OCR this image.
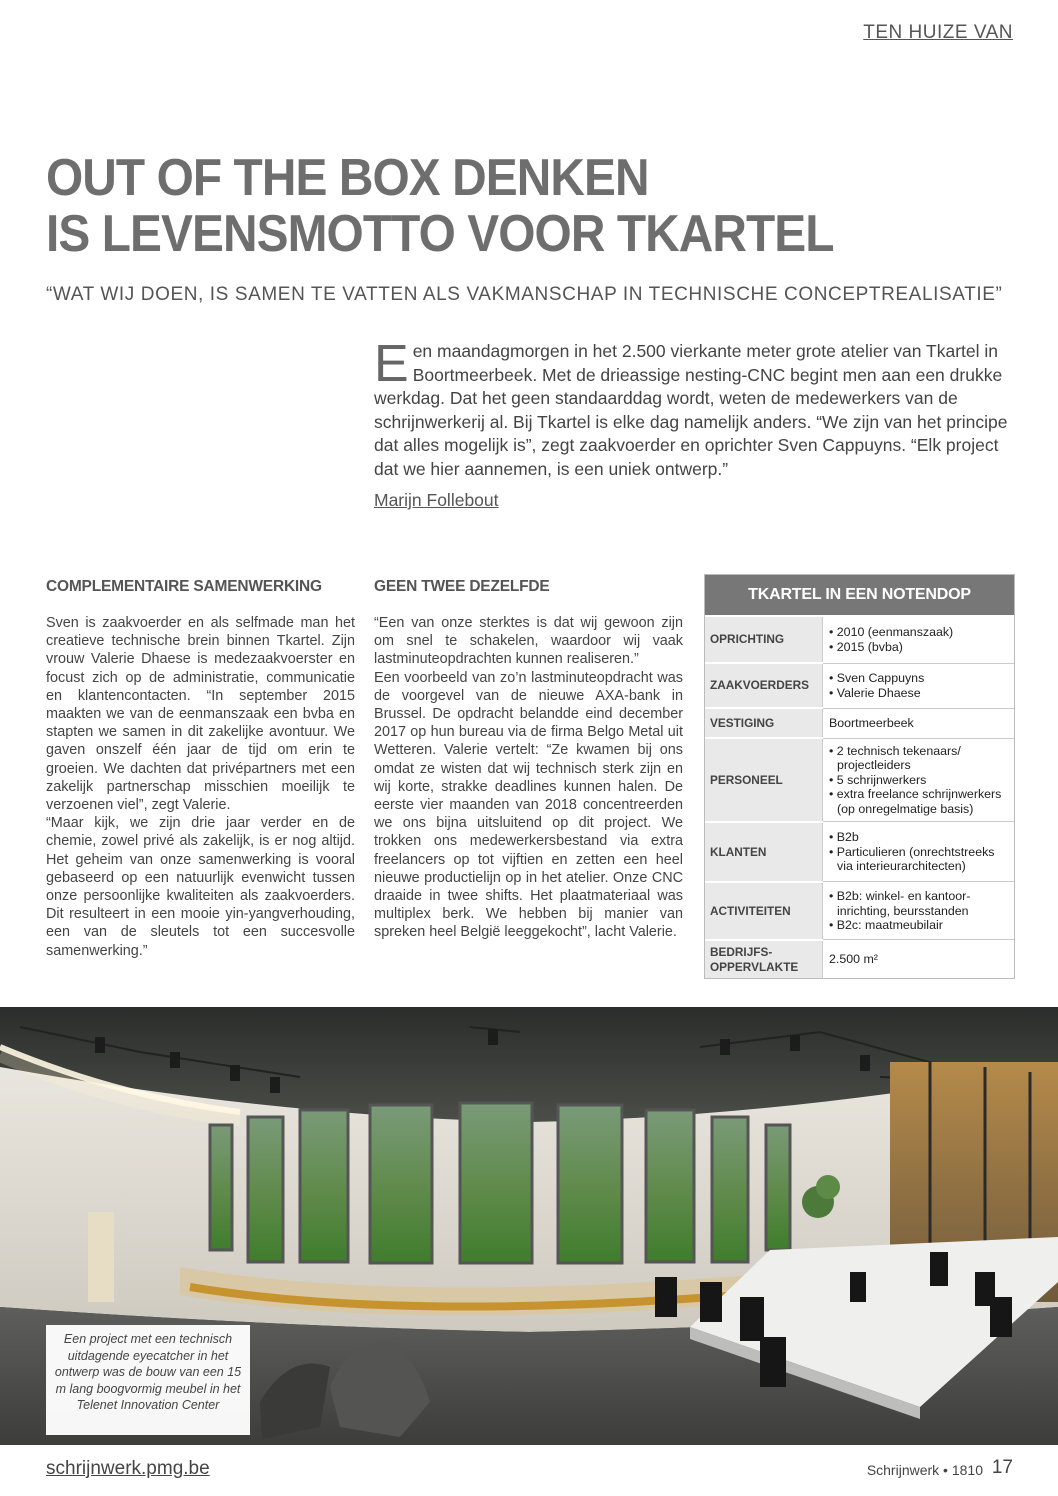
TEN HUIZE VAN
OUT OF THE BOX DENKEN
IS LEVENSMOTTO VOOR TKARTEL
“WAT WIJ DOEN, IS SAMEN TE VATTEN ALS VAKMANSCHAP IN TECHNISCHE CONCEPTREALISATIE”
Een maandagmorgen in het 2.500 vierkante meter grote atelier van Tkartel in Boortmeerbeek. Met de drieassige nesting-CNC begint men aan een drukke werkdag. Dat het geen standaarddag wordt, weten de medewerkers van de schrijnwerkerij al. Bij Tkartel is elke dag namelijk anders. “We zijn van het principe dat alles mogelijk is”, zegt zaakvoerder en oprichter Sven Cappuyns. “Elk project dat we hier aannemen, is een uniek ontwerp.”
Marijn Follebout
COMPLEMENTAIRE SAMENWERKING

Sven is zaakvoerder en als selfmade man het creatieve technische brein binnen Tkartel. Zijn vrouw Valerie Dhaese is medezaakvoerster en focust zich op de administratie, communicatie en klantencontacten. “In september 2015 maakten we van de eenmanszaak een bvba en stapten we samen in dit zakelijke avontuur. We gaven onszelf één jaar de tijd om erin te groeien. We dachten dat privépartners met een zakelijk partnerschap misschien moeilijk te verzoenen viel”, zegt Valerie.

“Maar kijk, we zijn drie jaar verder en de chemie, zowel privé als zakelijk, is er nog altijd. Het geheim van onze samenwerking is vooral gebaseerd op een natuurlijk evenwicht tussen onze persoonlijke kwaliteiten als zaakvoerders. Dit resulteert in een mooie yin-yangverhouding, een van de sleutels tot een succesvolle samenwerking.”

GEEN TWEE DEZELFDE

“Een van onze sterktes is dat wij gewoon zijn om snel te schakelen, waardoor wij vaak lastminuteopdrachten kunnen realiseren.”

Een voorbeeld van zo’n lastminuteopdracht was de voorgevel van de nieuwe AXA-bank in Brussel. De opdracht belandde eind december 2017 op hun bureau via de firma Belgo Metal uit Wetteren. Valerie vertelt: “Ze kwamen bij ons omdat ze wisten dat wij technisch sterk zijn en wij korte, strakke deadlines kunnen halen. De eerste vier maanden van 2018 concentreerden we ons bijna uitsluitend op dit project. We trokken ons medewerkersbestand via extra freelancers op tot vijftien en zetten een heel nieuwe productielijn op in het atelier. Onze CNC draaide in twee shifts. Het plaatmateriaal was multiplex berk. We hebben bij manier van spreken heel België leeggekocht”, lacht Valerie.

TKARTEL IN EEN NOTENDOP
OPRICHTING	• 2010 (eenmanszaak)
• 2015 (bvba)

ZAAKVOERDERS	• Sven Cappuyns
• Valerie Dhaese

VESTIGING	Boortmeerbeek

PERSONEEL	• 2 technisch tekenaars/ projectleiders
• 5 schrijnwerkers
• extra freelance schrijnwerkers (op onregelmatige basis)

KLANTEN	• B2b
• Particulieren (onrechtstreeks via interieurarchitecten)

ACTIVITEITEN	• B2b: winkel- en kantoor-inrichting, beursstanden
• B2c: maatmeubilair

BEDRIJFS-OPPERVLAKTE	2.500 m²
Een project met een technisch uitdagende eyecatcher in het ontwerp was de bouw van een 15 m lang boogvormig meubel in het Telenet Innovation Center
schrijnwerk.pmg.be	Schrijnwerk • 1810 17
